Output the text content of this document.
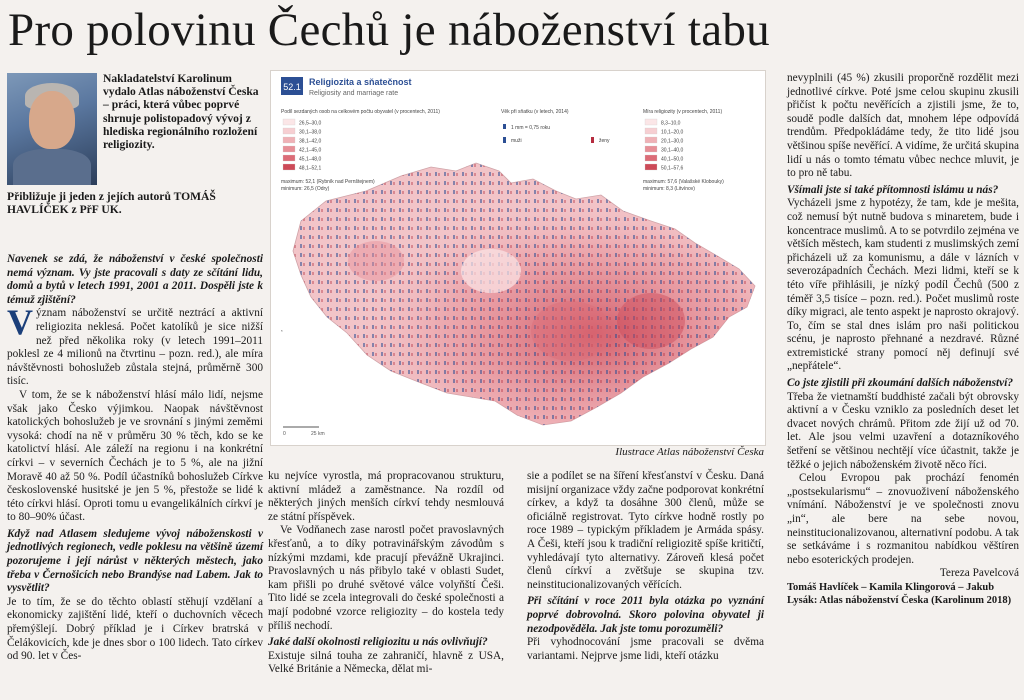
Pro polovinu Čechů je náboženství tabu
Nakladatelství Karolinum vydalo Atlas náboženství Česka – práci, která vůbec poprvé shrnuje polistopadový vývoj z hlediska regionálního rozložení religiozity.
Přibližuje ji jeden z jejích autorů TOMÁŠ HAVLÍČEK z PřF UK.

Navenek se zdá, že náboženství v české společnosti nemá význam. Vy jste pracovali s daty ze sčítání lidu, domů a bytů v letech 1991, 2001 a 2011. Dospěli jste k témuž zjištění?

Význam náboženství se určitě neztrácí a aktivní religiozita neklesá. Počet katolíků je sice nižší než před několika roky (v letech 1991–2011 poklesl ze 4 milionů na čtvrtinu – pozn. red.), ale míra návštěvnosti bohoslužeb zůstala stejná, průměrně 300 tisíc.

V tom, že se k náboženství hlásí málo lidí, nejsme však jako Česko výjimkou. Naopak návštěvnost katolických bohoslužeb je ve srovnání s jinými zeměmi vysoká: chodí na ně v průměru 30 % těch, kdo se ke katolictví hlásí. Ale záleží na regionu i na konkrétní církvi – v severních Čechách je to 5 %, ale na jižní Moravě 40 až 50 %. Podíl účastníků bohoslužeb Církve československé husitské je jen 5 %, přestože se lidé k této církvi hlásí. Oproti tomu u evangelikálních církví je to 80–90% účast.

Když nad Atlasem sledujeme vývoj náboženskosti v jednotlivých regionech, vedle poklesu na většině území pozorujeme i její nárůst v některých městech, jako třeba v Černošicích nebo Brandýse nad Labem. Jak to vysvětlit?

Je to tím, že se do těchto oblastí stěhují vzdělaní a ekonomicky zajištění lidé, kteří o duchovních věcech přemýšlejí. Dobrý příklad je i Církev bratrská v Čelákovicích, kde je dnes sbor o 100 lidech. Tato církev od 90. let v Čes-

52.1 Religiozita a sňatečnost
Religiosity and marriage rate
Podíl sezdaných osob na celkovém počtu obyvatel (v procentech, 2011)
26,5–30,0
30,1–38,0
38,1–42,0
42,1–45,0
45,1–48,0
48,1–52,1
maximum: 52,1 (Rybník nad Pernštejnem)
minimum: 26,5 (Odry)
Věk při sňatku (v letech, 2014)
1 mm = 0,75 roku
muži	ženy
Míra religiozity (v procentech, 2011)
8,3–10,0
10,1–20,0
20,1–30,0
30,1–40,0
40,1–50,0
50,1–57,6
maximum: 57,6 (Valašské Klobouky)
minimum: 8,3 (Litvínov)
*
0	25 km
Ilustrace Atlas náboženství Česka

ku nejvíce vyrostla, má propracovanou strukturu, aktivní mládež a zaměstnance. Na rozdíl od některých jiných menších církví tehdy nesmlouvá ze státní příspěvek.

Ve Vodňanech zase narostl počet pravoslavných křesťanů, a to díky potravinářským závodům s nízkými mzdami, kde pracují převážně Ukrajinci. Pravoslavných u nás přibylo také v oblasti Sudet, kam přišli po druhé světové válce volyňští Češi. Tito lidé se zcela integrovali do české společnosti a mají podobné vzorce religiozity – do kostela tedy příliš nechodí.

Jaké další okolnosti religiozitu u nás ovlivňují?

Existuje silná touha ze zahraničí, hlavně z USA, Velké Británie a Německa, dělat mi-

sie a podílet se na šíření křesťanství v Česku. Daná misijní organizace vždy začne podporovat konkrétní církev, a když ta dosáhne 300 členů, může se oficiálně registrovat. Tyto církve hodně rostly po roce 1989 – typickým příkladem je Armáda spásy. A Češi, kteří jsou k tradiční religiozitě spíše kritičtí, vyhledávají tyto alternativy. Zároveň klesá počet členů církví a zvětšuje se skupina tzv. neinstitucionalizovaných věřících.

Při sčítání v roce 2011 byla otázka po vyznání poprvé dobrovolná. Skoro polovina obyvatel ji nezodpověděla. Jak jste tomu porozuměli?

Při vyhodnocování jsme pracovali se dvěma variantami. Nejprve jsme lidi, kteří otázku

nevyplnili (45 %) zkusili proporčně rozdělit mezi jednotlivé církve. Poté jsme celou skupinu zkusili přičíst k počtu nevěřících a zjistili jsme, že to, soudě podle dalších dat, mnohem lépe odpovídá trendům. Předpokládáme tedy, že tito lidé jsou většinou spíše nevěřící. A vidíme, že určitá skupina lidí u nás o tomto tématu vůbec nechce mluvit, je to pro ně tabu.

Všímali jste si také přítomnosti islámu u nás?

Vycházeli jsme z hypotézy, že tam, kde je mešita, což nemusí být nutně budova s minaretem, bude i koncentrace muslimů. A to se potvrdilo zejména ve větších městech, kam studenti z muslimských zemí přicházeli už za komunismu, a dále v lázních v severozápadních Čechách. Mezi lidmi, kteří se k této víře přihlásili, je nízký podíl Čechů (500 z téměř 3,5 tisíce – pozn. red.). Počet muslimů roste díky migraci, ale tento aspekt je naprosto okrajový. To, čím se stal dnes islám pro naši politickou scénu, je naprosto přehnané a nezdravé. Různé extremistické strany pomocí něj definují své „nepřátele“.

Co jste zjistili při zkoumání dalších náboženství?

Třeba že vietnamští buddhisté začali být obrovsky aktivní a v Česku vzniklo za posledních deset let dvacet nových chrámů. Přitom zde žijí už od 70. let. Ale jsou velmi uzavření a dotazníkového šetření se většinou nechtějí více účastnit, takže je těžké o jejich náboženském životě něco říci.

Celou Evropou pak prochází fenomén „postsekularismu“ – znovuoživení náboženského vnímání. Náboženství je ve společnosti znovu „in“, ale bere na sebe novou, neinstitucionalizovanou, alternativní podobu. A tak se setkáváme i s rozmanitou nabídkou věštíren nebo esoterických prodejen.

Tereza Pavelcová

Tomáš Havlíček – Kamila Klingorová – Jakub Lysák: Atlas náboženství Česka (Karolinum 2018)
